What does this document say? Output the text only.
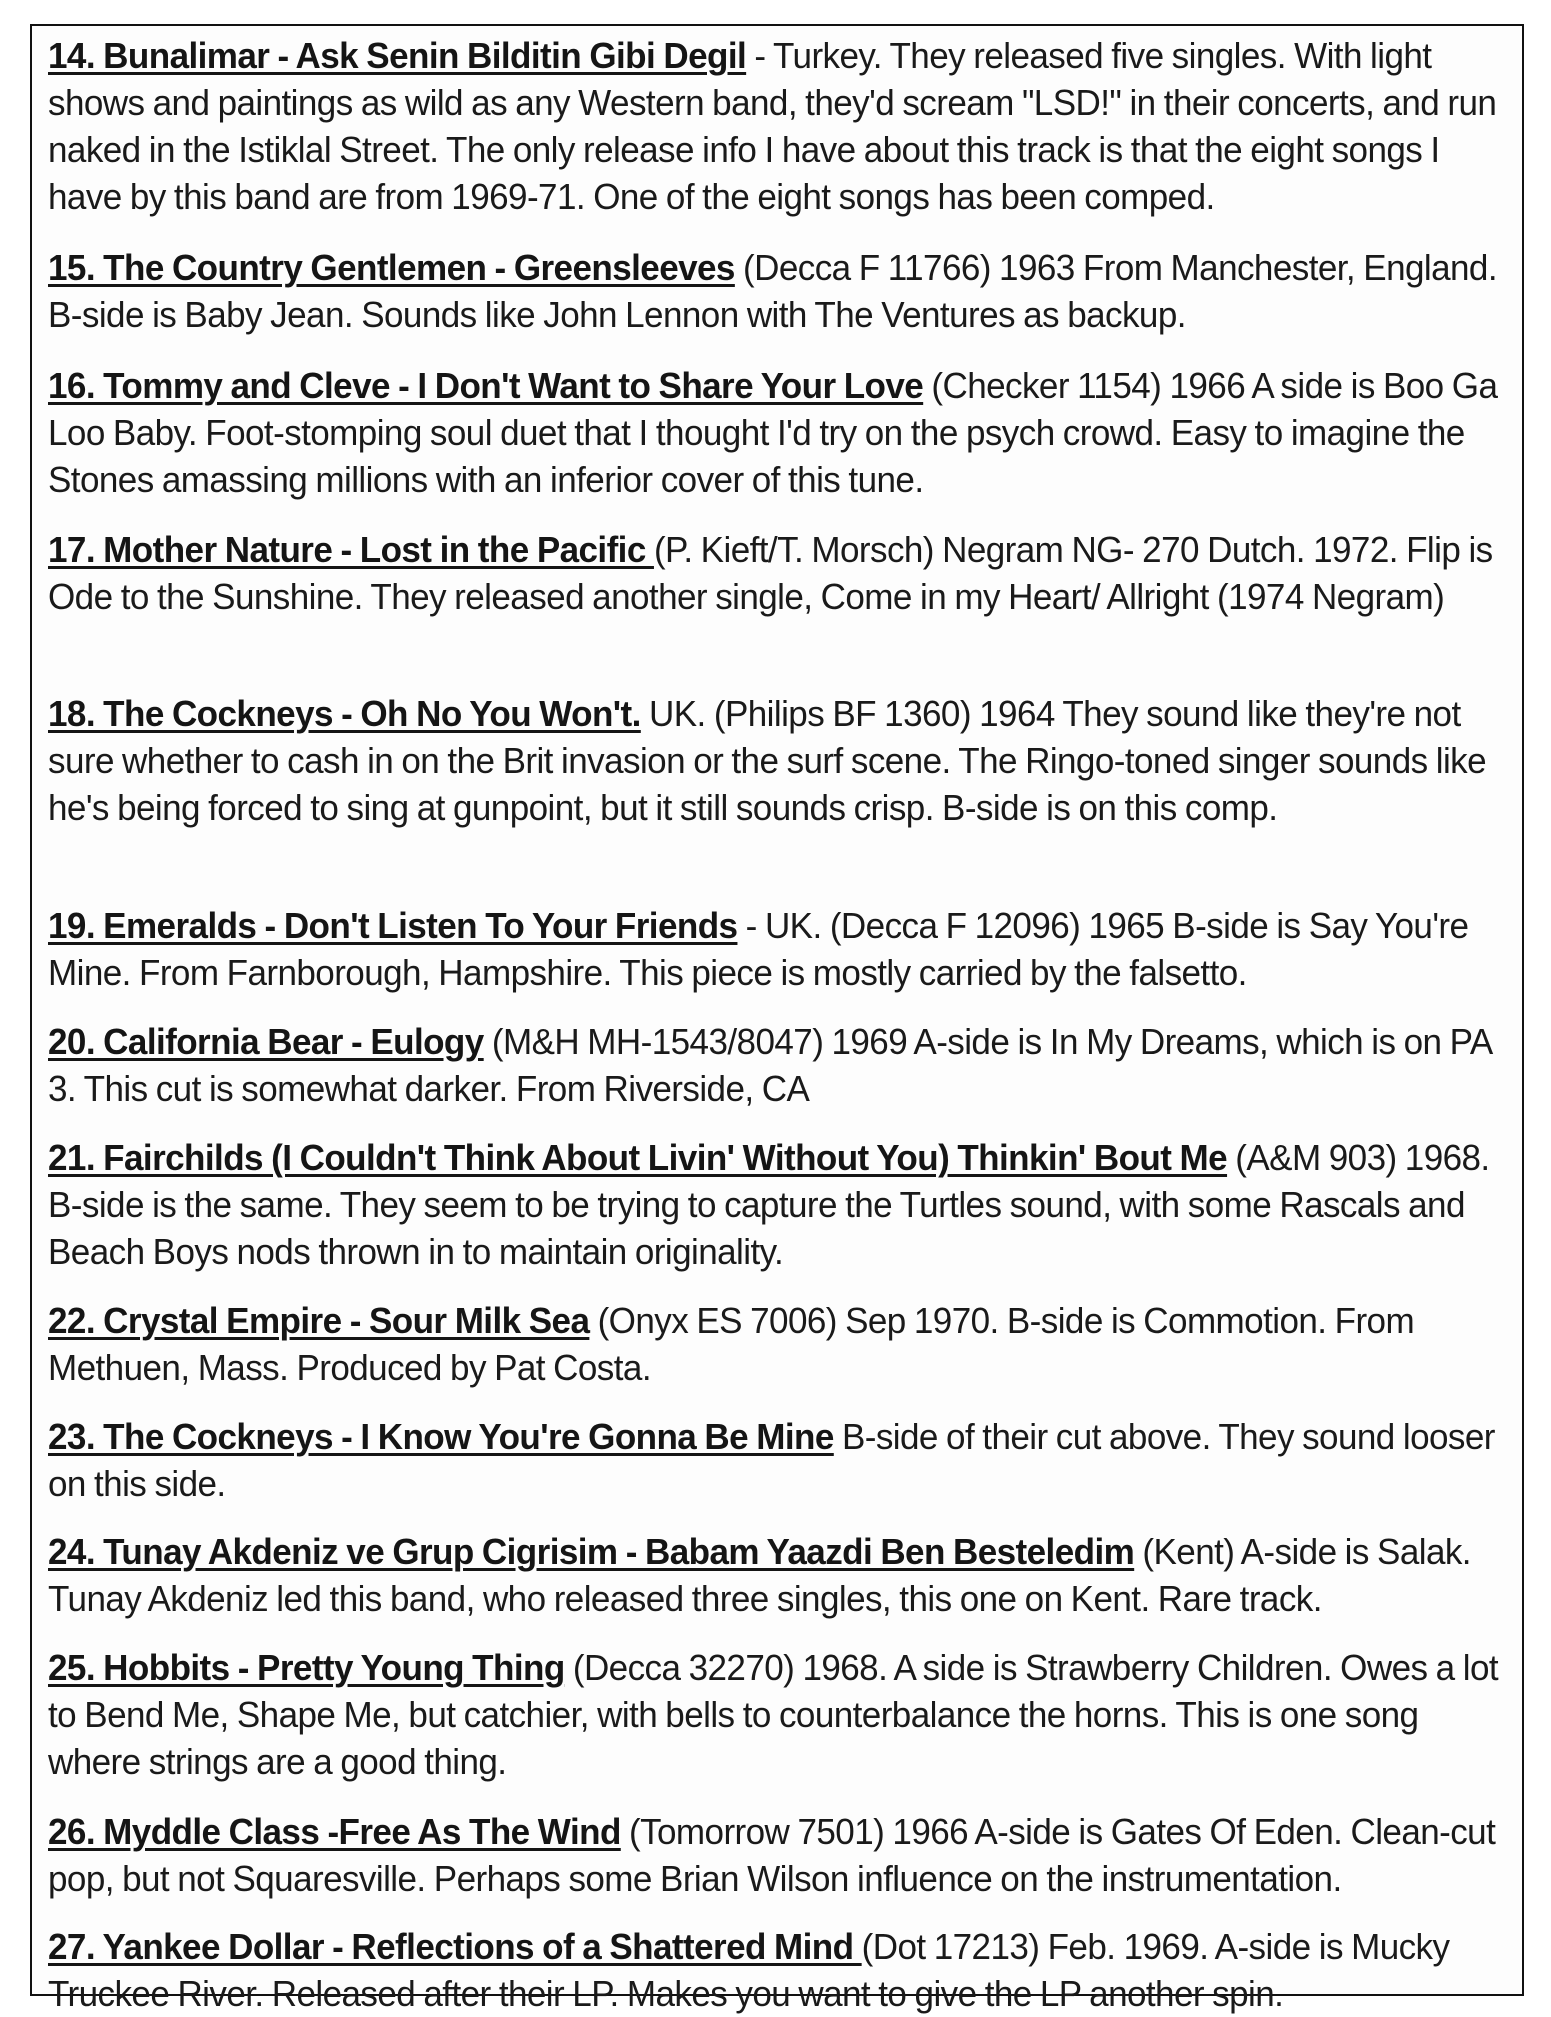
14. Bunalimar - Ask Senin Bilditin Gibi Degil - Turkey. They released five singles. With light shows and paintings as wild as any Western band, they'd scream "LSD!" in their concerts, and run naked in the Istiklal Street. The only release info I have about this track is that the eight songs I have by this band are from 1969-71. One of the eight songs has been comped.

15. The Country Gentlemen - Greensleeves (Decca F 11766) 1963 From Manchester, England. B-side is Baby Jean. Sounds like John Lennon with The Ventures as backup.

16. Tommy and Cleve - I Don't Want to Share Your Love (Checker 1154) 1966 A side is Boo Ga Loo Baby. Foot-stomping soul duet that I thought I'd try on the psych crowd. Easy to imagine the Stones amassing millions with an inferior cover of this tune.

17. Mother Nature - Lost in the Pacific (P. Kieft/T. Morsch) Negram NG- 270 Dutch. 1972. Flip is Ode to the Sunshine. They released another single, Come in my Heart/ Allright (1974 Negram)

18. The Cockneys - Oh No You Won't. UK. (Philips BF 1360) 1964 They sound like they're not sure whether to cash in on the Brit invasion or the surf scene. The Ringo-toned singer sounds like he's being forced to sing at gunpoint, but it still sounds crisp. B-side is on this comp.

19. Emeralds - Don't Listen To Your Friends - UK. (Decca F 12096) 1965 B-side is Say You're Mine. From Farnborough, Hampshire. This piece is mostly carried by the falsetto.

20. California Bear - Eulogy (M&H MH-1543/8047) 1969 A-side is In My Dreams, which is on PA 3. This cut is somewhat darker. From Riverside, CA

21. Fairchilds (I Couldn't Think About Livin' Without You) Thinkin' Bout Me (A&M 903) 1968. B-side is the same. They seem to be trying to capture the Turtles sound, with some Rascals and Beach Boys nods thrown in to maintain originality.

22. Crystal Empire - Sour Milk Sea (Onyx ES 7006) Sep 1970. B-side is Commotion. From Methuen, Mass. Produced by Pat Costa.

23. The Cockneys - I Know You're Gonna Be Mine B-side of their cut above. They sound looser on this side.

24. Tunay Akdeniz ve Grup Cigrisim - Babam Yaazdi Ben Besteledim (Kent) A-side is Salak. Tunay Akdeniz led this band, who released three singles, this one on Kent. Rare track.

25. Hobbits - Pretty Young Thing (Decca 32270) 1968. A side is Strawberry Children. Owes a lot to Bend Me, Shape Me, but catchier, with bells to counterbalance the horns. This is one song where strings are a good thing.

26. Myddle Class -Free As The Wind (Tomorrow 7501) 1966 A-side is Gates Of Eden. Clean-cut pop, but not Squaresville. Perhaps some Brian Wilson influence on the instrumentation.

27. Yankee Dollar - Reflections of a Shattered Mind (Dot 17213) Feb. 1969. A-side is Mucky Truckee River. Released after their LP. Makes you want to give the LP another spin.
